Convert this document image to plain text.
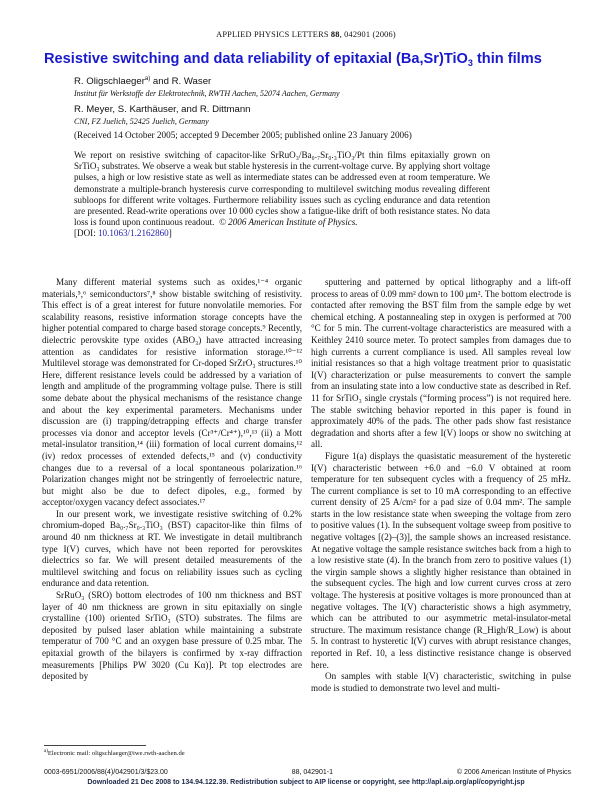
APPLIED PHYSICS LETTERS 88, 042901 (2006)
Resistive switching and data reliability of epitaxial (Ba,Sr)TiO$_3$ thin films
R. Oligschlaeger$^{a)}$ and R. Waser
Institut für Werkstoffe der Elektrotechnik, RWTH Aachen, 52074 Aachen, Germany
R. Meyer, S. Karthäuser, and R. Dittmann
CNI, FZ Juelich, 52425 Juelich, Germany
(Received 14 October 2005; accepted 9 December 2005; published online 23 January 2006)
We report on resistive switching of capacitor-like SrRuO₃/Ba₀.₇Sr₀.₃TiO₃/Pt thin films epitaxially grown on SrTiO₃ substrates. We observe a weak but stable hysteresis in the current-voltage curve. By applying short voltage pulses, a high or low resistive state as well as intermediate states can be addressed even at room temperature. We demonstrate a multiple-branch hysteresis curve corresponding to multilevel switching modus revealing different subloops for different write voltages. Furthermore reliability issues such as cycling endurance and data retention are presented. Read-write operations over 10 000 cycles show a fatigue-like drift of both resistance states. No data loss is found upon continuous readout. © 2006 American Institute of Physics.
[DOI: 10.1063/1.2162860]

Many different material systems such as oxides,¹⁻⁴ organic materials,⁵,⁶ semiconductors⁷,⁸ show bistable switching of resistivity. This effect is of a great interest for future nonvolatile memories. For scalability reasons, resistive information storage concepts have the higher potential compared to charge based storage concepts.⁹ Recently, dielectric perovskite type oxides (ABO₃) have attracted increasing attention as candidates for resistive information storage.¹⁰⁻¹² Multilevel storage was demonstrated for Cr-doped SrZrO₃ structures.¹⁰ Here, different resistance levels could be addressed by a variation of length and amplitude of the programming voltage pulse. There is still some debate about the physical mechanisms of the resistance change and about the key experimental parameters. Mechanisms under discussion are (i) trapping/detrapping effects and charge transfer processes via donor and acceptor levels (Cr³⁺/Cr⁴⁺),¹⁰,¹³ (ii) a Mott metal-insulator transition,¹⁴ (iii) formation of local current domains,¹² (iv) redox processes of extended defects,¹⁵ and (v) conductivity changes due to a reversal of a local spontaneous polarization.¹⁶ Polarization changes might not be stringently of ferroelectric nature, but might also be due to defect dipoles, e.g., formed by acceptor/oxygen vacancy defect associates.¹⁷

In our present work, we investigate resistive switching of 0.2% chromium-doped Ba₀.₇Sr₀.₃TiO₃ (BST) capacitor-like thin films of around 40 nm thickness at RT. We investigate in detail multibranch type I(V) curves, which have not been reported for perovskites dielectrics so far. We will present detailed measurements of the multilevel switching and focus on reliability issues such as cycling endurance and data retention.

SrRuO₃ (SRO) bottom electrodes of 100 nm thickness and BST layer of 40 nm thickness are grown in situ epitaxially on single crystalline (100) oriented SrTiO₃ (STO) substrates. The films are deposited by pulsed laser ablation while maintaining a substrate temperatur of 700 °C and an oxygen base pressure of 0.25 mbar. The epitaxial growth of the bilayers is confirmed by x-ray diffraction measurements [Philips PW 3020 (Cu Kα)]. Pt top electrodes are deposited by

sputtering and patterned by optical lithography and a lift-off process to areas of 0.09 mm² down to 100 μm². The bottom electrode is contacted after removing the BST film from the sample edge by wet chemical etching. A postannealing step in oxygen is performed at 700 °C for 5 min. The current-voltage characteristics are measured with a Keithley 2410 source meter. To protect samples from damages due to high currents a current compliance is used. All samples reveal low initial resistances so that a high voltage treatment prior to quasistatic I(V) characterization or pulse measurements to convert the sample from an insulating state into a low conductive state as described in Ref. 11 for SrTiO₃ single crystals (“forming process”) is not required here. The stable switching behavior reported in this paper is found in approximately 40% of the pads. The other pads show fast resistance degradation and shorts after a few I(V) loops or show no switching at all.

Figure 1(a) displays the quasistatic measurement of the hysteretic I(V) characteristic between +6.0 and −6.0 V obtained at room temperature for ten subsequent cycles with a frequency of 25 mHz. The current compliance is set to 10 mA corresponding to an effective current density of 25 A/cm² for a pad size of 0.04 mm². The sample starts in the low resistance state when sweeping the voltage from zero to positive values (1). In the subsequent voltage sweep from positive to negative voltages [(2)–(3)], the sample shows an increased resistance. At negative voltage the sample resistance switches back from a high to a low resistive state (4). In the branch from zero to positive values (1) the virgin sample shows a slightly higher resistance than obtained in the subsequent cycles. The high and low current curves cross at zero voltage. The hysteresis at positive voltages is more pronounced than at negative voltages. The I(V) characteristic shows a high asymmetry, which can be attributed to our asymmetric metal-insulator-metal structure. The maximum resistance change (R_High/R_Low) is about 5. In contrast to hysteretic I(V) curves with abrupt resistance changes, reported in Ref. 10, a less distinctive resistance change is observed here.

On samples with stable I(V) characteristic, switching in pulse mode is studied to demonstrate two level and multi-

$^{a)}$Electronic mail: oligschlaeger@iwe.rwth-aachen.de
0003-6951/2006/88(4)/042901/3/$23.00	88, 042901-1	© 2006 American Institute of Physics
Downloaded 21 Dec 2008 to 134.94.122.39. Redistribution subject to AIP license or copyright, see http://apl.aip.org/apl/copyright.jsp
